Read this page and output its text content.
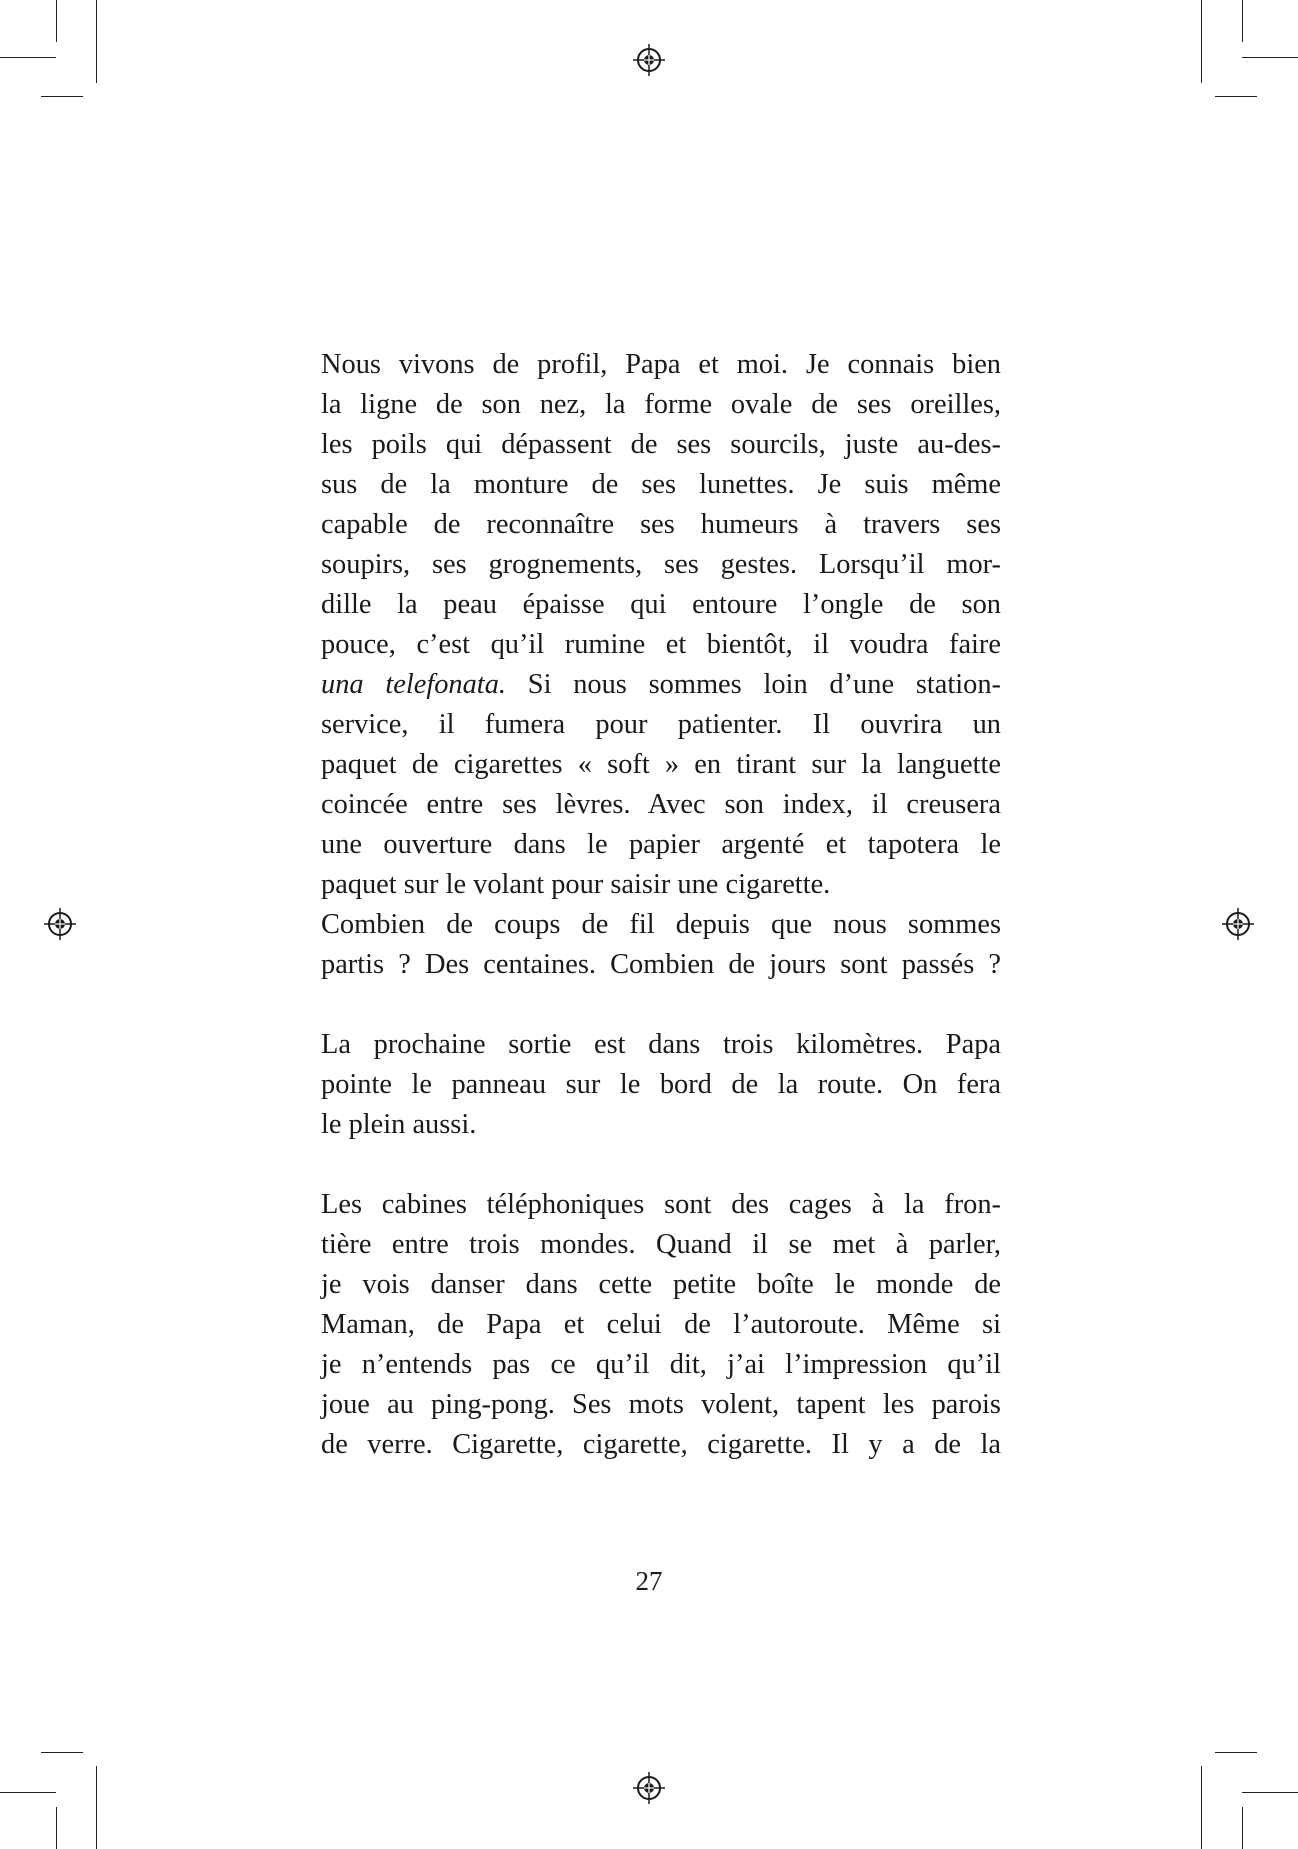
Nous vivons de profil, Papa et moi. Je connais bien
la ligne de son nez, la forme ovale de ses oreilles,
les poils qui dépassent de ses sourcils, juste au-des-
sus de la monture de ses lunettes. Je suis même
capable de reconnaître ses humeurs à travers ses
soupirs, ses grognements, ses gestes. Lorsqu’il mor-
dille la peau épaisse qui entoure l’ongle de son
pouce, c’est qu’il rumine et bientôt, il voudra faire
una telefonata. Si nous sommes loin d’une station-
service, il fumera pour patienter. Il ouvrira un
paquet de cigarettes « soft » en tirant sur la languette
coincée entre ses lèvres. Avec son index, il creusera
une ouverture dans le papier argenté et tapotera le
paquet sur le volant pour saisir une cigarette.
Combien de coups de fil depuis que nous sommes
partis ? Des centaines. Combien de jours sont passés ?
La prochaine sortie est dans trois kilomètres. Papa
pointe le panneau sur le bord de la route. On fera
le plein aussi.
Les cabines téléphoniques sont des cages à la fron-
tière entre trois mondes. Quand il se met à parler,
je vois danser dans cette petite boîte le monde de
Maman, de Papa et celui de l’autoroute. Même si
je n’entends pas ce qu’il dit, j’ai l’impression qu’il
joue au ping-pong. Ses mots volent, tapent les parois
de verre. Cigarette, cigarette, cigarette. Il y a de la
27
